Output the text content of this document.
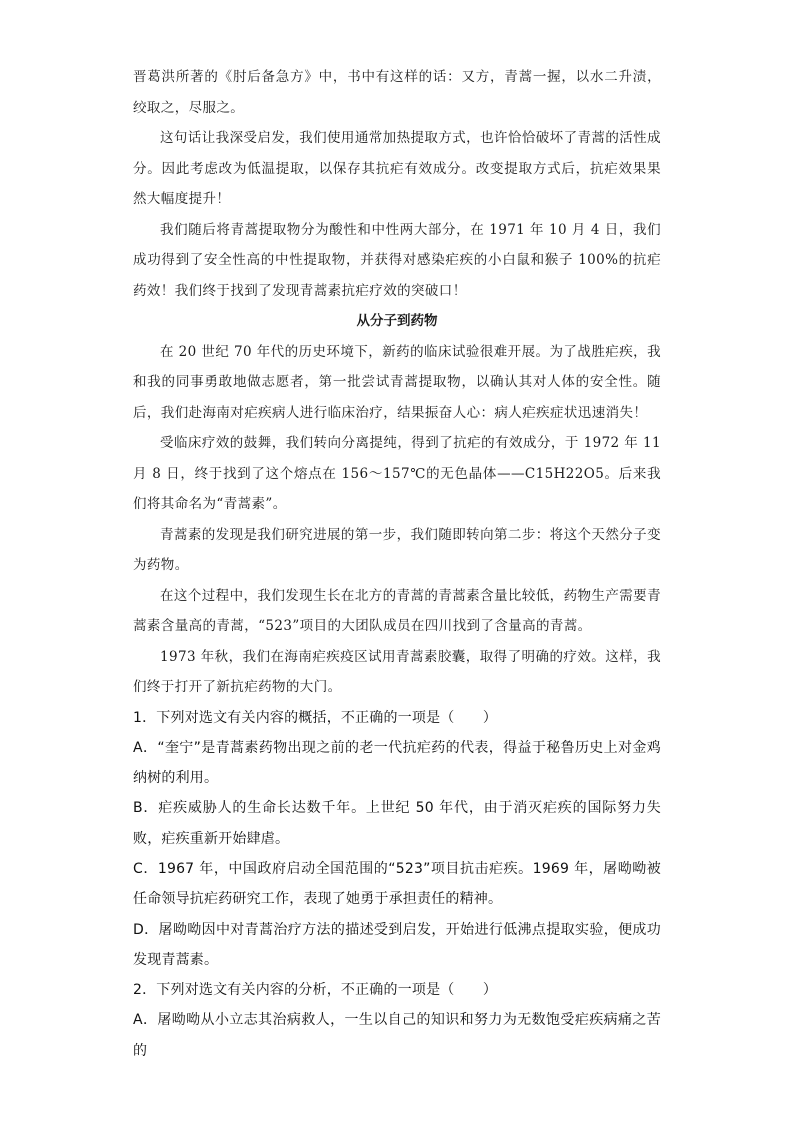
晋葛洪所著的《肘后备急方》中，书中有这样的话：又方，青蒿一握，以水二升渍，绞取之，尽服之。

这句话让我深受启发，我们使用通常加热提取方式，也许恰恰破坏了青蒿的活性成分。因此考虑改为低温提取，以保存其抗疟有效成分。改变提取方式后，抗疟效果果然大幅度提升！

我们随后将青蒿提取物分为酸性和中性两大部分，在 1971 年 10 月 4 日，我们成功得到了安全性高的中性提取物，并获得对感染疟疾的小白鼠和猴子 100%的抗疟药效！我们终于找到了发现青蒿素抗疟疗效的突破口！

从分子到药物

在 20 世纪 70 年代的历史环境下，新药的临床试验很难开展。为了战胜疟疾，我和我的同事勇敢地做志愿者，第一批尝试青蒿提取物，以确认其对人体的安全性。随后，我们赴海南对疟疾病人进行临床治疗，结果振奋人心：病人疟疾症状迅速消失！

受临床疗效的鼓舞，我们转向分离提纯，得到了抗疟的有效成分，于 1972 年 11 月 8 日，终于找到了这个熔点在 156～157℃的无色晶体——C15H22O5。后来我们将其命名为“青蒿素”。

青蒿素的发现是我们研究进展的第一步，我们随即转向第二步：将这个天然分子变为药物。

在这个过程中，我们发现生长在北方的青蒿的青蒿素含量比较低，药物生产需要青蒿素含量高的青蒿，“523”项目的大团队成员在四川找到了含量高的青蒿。

1973 年秋，我们在海南疟疾疫区试用青蒿素胶囊，取得了明确的疗效。这样，我们终于打开了新抗疟药物的大门。

1．下列对选文有关内容的概括，不正确的一项是（　　）

A．“奎宁”是青蒿素药物出现之前的老一代抗疟药的代表，得益于秘鲁历史上对金鸡纳树的利用。

B．疟疾威胁人的生命长达数千年。上世纪 50 年代，由于消灭疟疾的国际努力失败，疟疾重新开始肆虐。

C．1967 年，中国政府启动全国范围的“523”项目抗击疟疾。1969 年，屠呦呦被任命领导抗疟药研究工作，表现了她勇于承担责任的精神。

D．屠呦呦因中对青蒿治疗方法的描述受到启发，开始进行低沸点提取实验，便成功发现青蒿素。

2．下列对选文有关内容的分析，不正确的一项是（　　）

A．屠呦呦从小立志其治病救人，一生以自己的知识和努力为无数饱受疟疾病痛之苦的
